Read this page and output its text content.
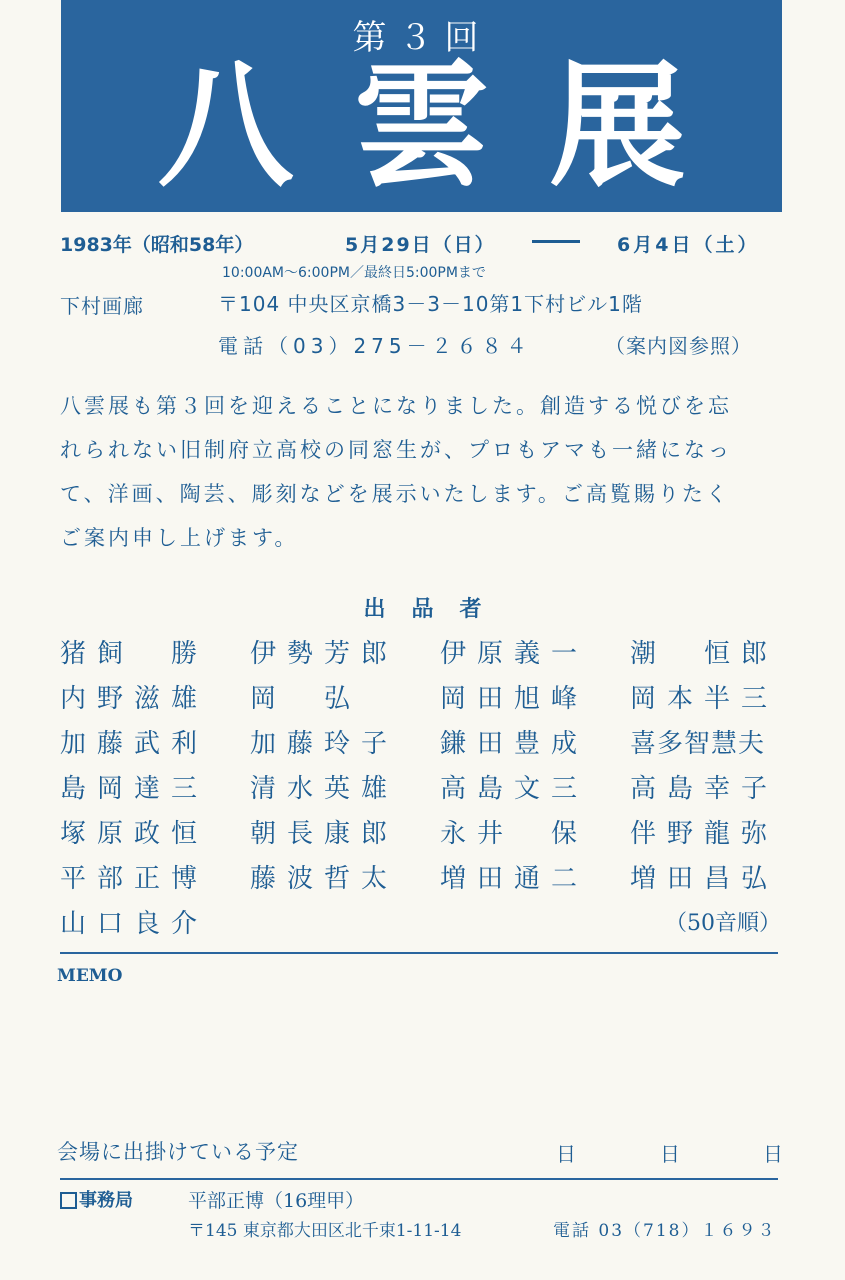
第３回
八雲展
1983年（昭和58年）	5月29日（日） ―― 6月4日（土）
10:00AM～6:00PM／最終日5:00PMまで
下村画廊	〒104 中央区京橋3－3－10第1下村ビル1階
電話（03）275－２６８４	（案内図参照）

八雲展も第３回を迎えることになりました。創造する悦びを忘

れられない旧制府立高校の同窓生が、プロもアマも一緒になっ

て、洋画、陶芸、彫刻などを展示いたします。ご高覧賜りたく

ご案内申し上げます。

出品者
猪飼　勝	伊勢芳郎	伊原義一	潮　恒郎
内野滋雄	岡　弘	岡田旭峰	岡本半三
加藤武利	加藤玲子	鎌田豊成	喜多智慧夫
島岡達三	清水英雄	高島文三	高島幸子
塚原政恒	朝長康郎	永井　保	伴野龍弥
平部正博	藤波哲太	増田通二	増田昌弘
山口良介	（50音順）
MEMO
会場に出掛けている予定	日	日	日
事務局	平部正博（16理甲）
〒145 東京都大田区北千束1-11-14	電話 03（718）１６９３
